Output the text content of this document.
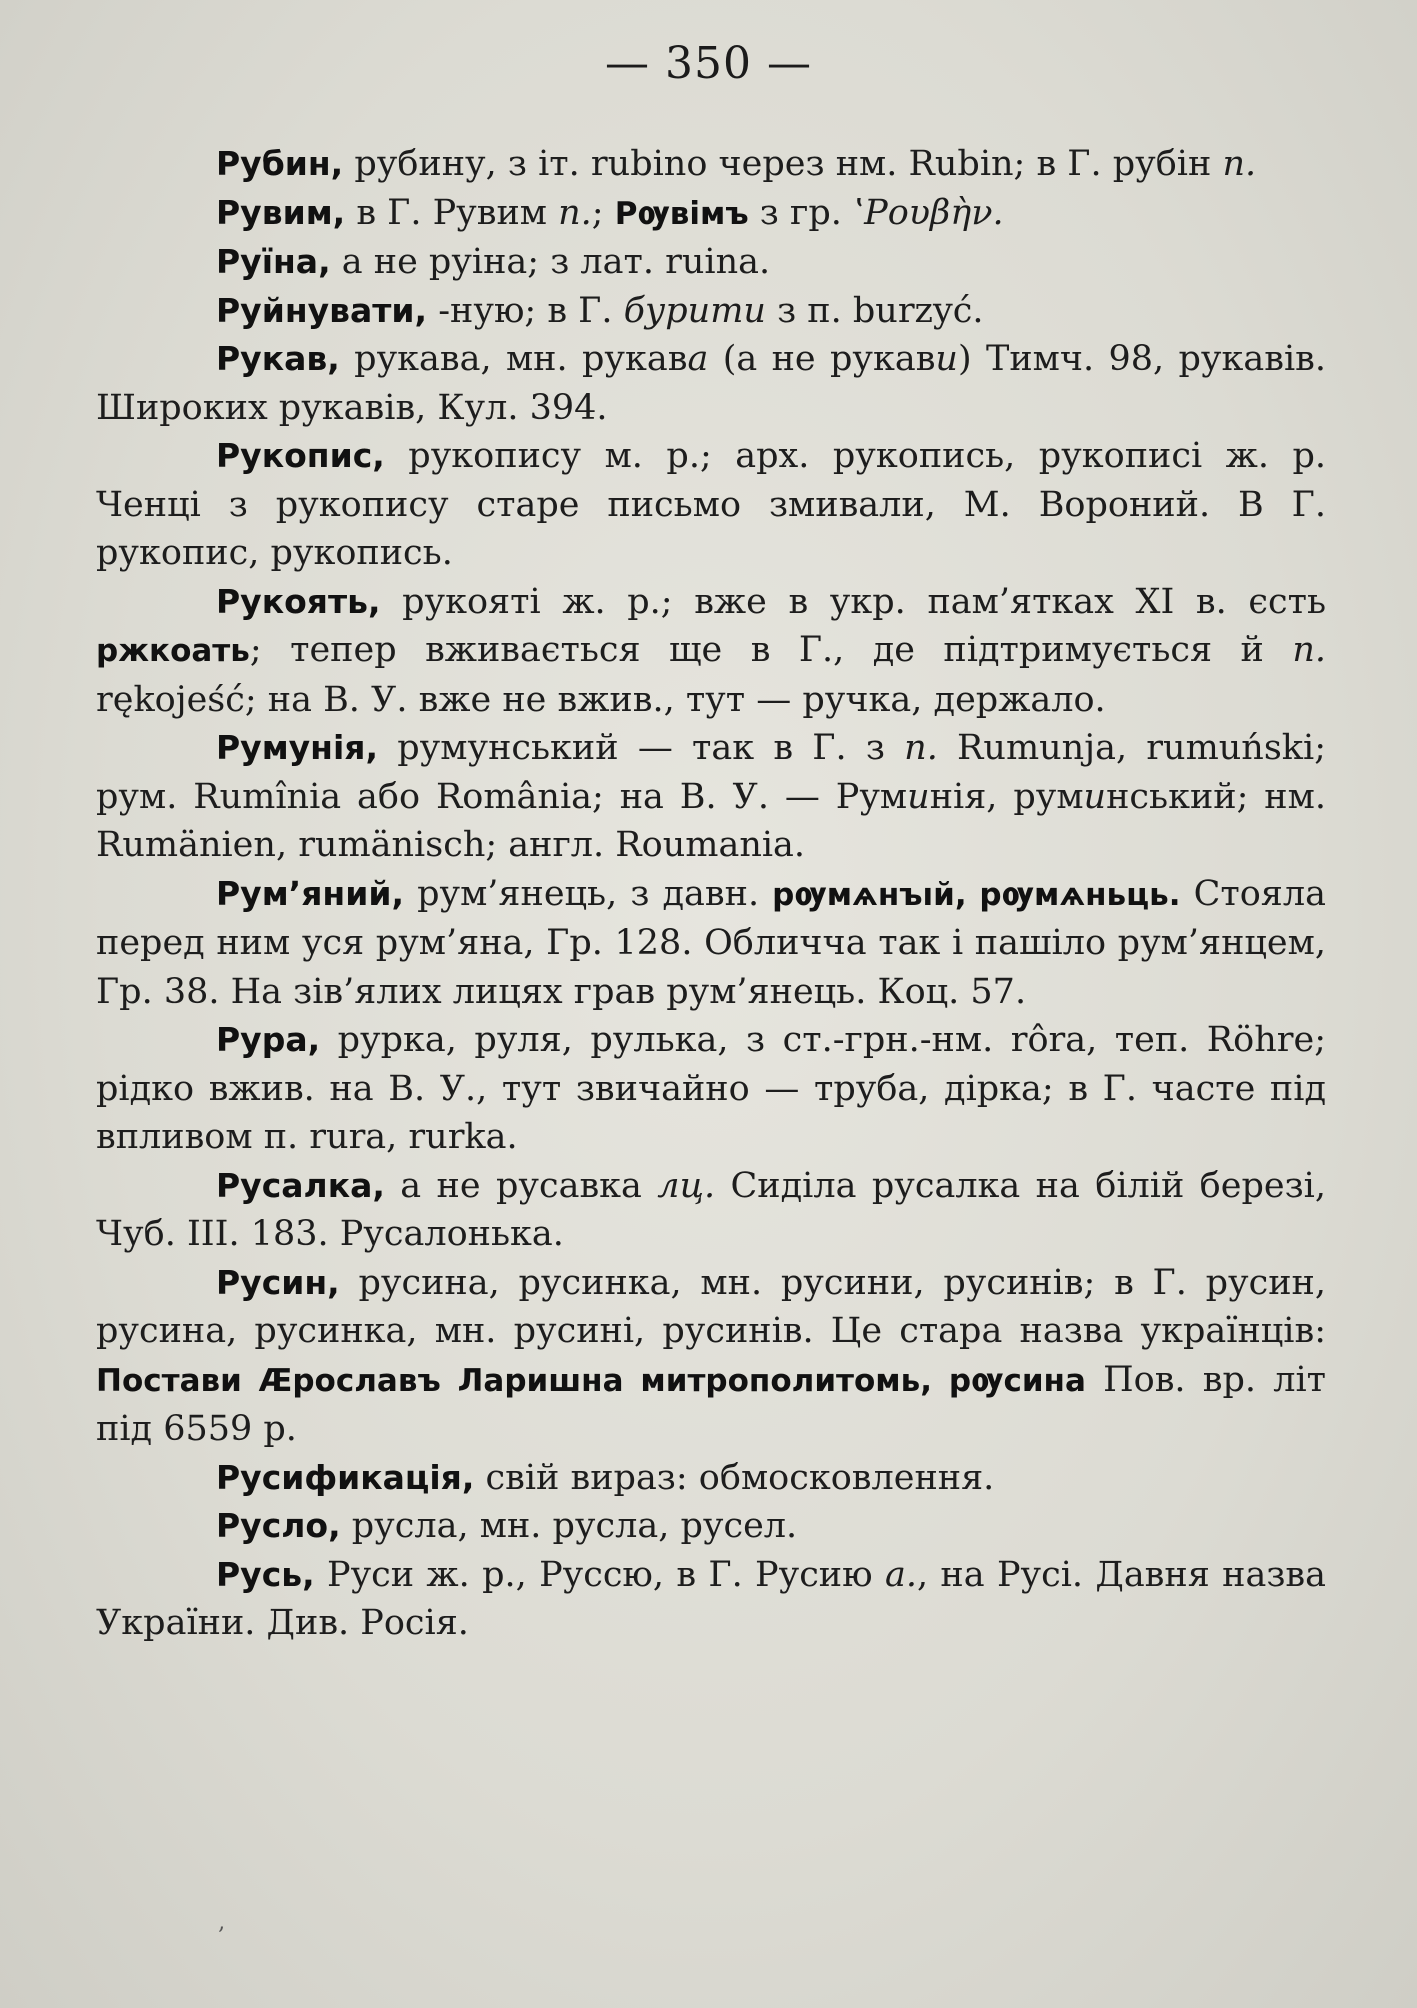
— 350 —

Рубин, рубину, з іт. rubino через нм. Rubin; в Г. рубін п.

Рувим, в Г. Рувим п.; Рѹвімъ з гр. ʽΡουβὴν.

Руїна, а не руіна; з лат. ruina.

Руйнувати, -ную; в Г. бурити з п. burzyć.

Рукав, рукава, мн. рукава (а не рукави) Тимч. 98, рукавів. Широких рукавів, Кул. 394.

Рукопис, рукопису м. р.; арх. рукопись, рукописі ж. р. Ченці з рукопису старе письмо змивали, М. Вороний. В Г. рукопис, рукопись.

Рукоять, рукояті ж. р.; вже в укр. пам’ятках XI в. єсть ржкоать; тепер вживається ще в Г., де підтримується й п. rękojeść; на В. У. вже не вжив., тут — ручка, держало.

Румунія, румунський — так в Г. з п. Rumunja, rumuński; рум. Rumînia або România; на В. У. — Руминія, руминський; нм. Rumänien, rumänisch; англ. Roumania.

Рум’яний, рум’янець, з давн. рѹмѧнъıй, рѹмѧньць. Стояла перед ним уся рум’яна, Гр. 128. Обличча так і пашіло рум’янцем, Гр. 38. На зів’ялих лицях грав рум’янець. Коц. 57.

Рура, рурка, руля, рулька, з ст.-грн.-нм. rôra, теп. Röhre; рідко вжив. на В. У., тут звичайно — труба, дірка; в Г. часте під впливом п. rura, rurka.

Русалка, а не русавка лц. Сиділа русалка на білій березі, Чуб. III. 183. Русалонька.

Русин, русина, русинка, мн. русини, русинів; в Г. русин, русина, русинка, мн. русині, русинів. Це стара назва українців: Постави Ӕрославъ Ларишна митрополитомь, рѹсина Пов. вр. літ під 6559 р.

Русификація, свій вираз: обмосковлення.

Русло, русла, мн. русла, русел.

Русь, Руси ж. р., Руссю, в Г. Русию а., на Русі. Давня назва України. Див. Росія.

‚
